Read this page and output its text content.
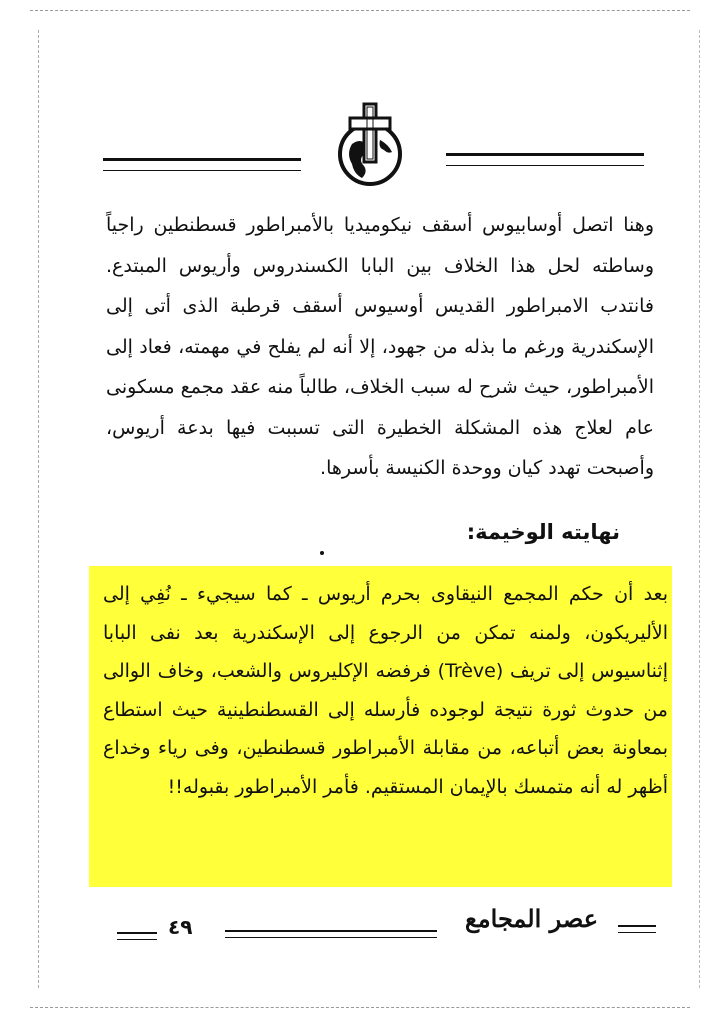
وهنا اتصل أوسابيوس أسقف نيكوميديا بالأمبراطور قسطنطين راجياً وساطته لحل هذا الخلاف بين البابا الكسندروس وأريوس المبتدع. فانتدب الامبراطور القديس أوسيوس أسقف قرطبة الذى أتى إلى الإسكندرية ورغم ما بذله من جهود، إلا أنه لم يفلح في مهمته، فعاد إلى الأمبراطور، حيث شرح له سبب الخلاف، طالباً منه عقد مجمع مسكونى عام لعلاج هذه المشكلة الخطيرة التى تسببت فيها بدعة أريوس، وأصبحت تهدد كيان ووحدة الكنيسة بأسرها.

نهايته الوخيمة:

بعد أن حكم المجمع النيقاوى بحرم أريوس ـ كما سيجيء ـ نُفِي إلى الأليريكون، ولمنه تمكن من الرجوع إلى الإسكندرية بعد نفى البابا إثناسيوس إلى تريف (Trève) فرفضه الإكليروس والشعب، وخاف الوالى من حدوث ثورة نتيجة لوجوده فأرسله إلى القسطنطينية حيث استطاع بمعاونة بعض أتباعه، من مقابلة الأمبراطور قسطنطين، وفى رياء وخداع أظهر له أنه متمسك بالإيمان المستقيم. فأمر الأمبراطور بقبوله!!

٤٩	عصر المجامع
